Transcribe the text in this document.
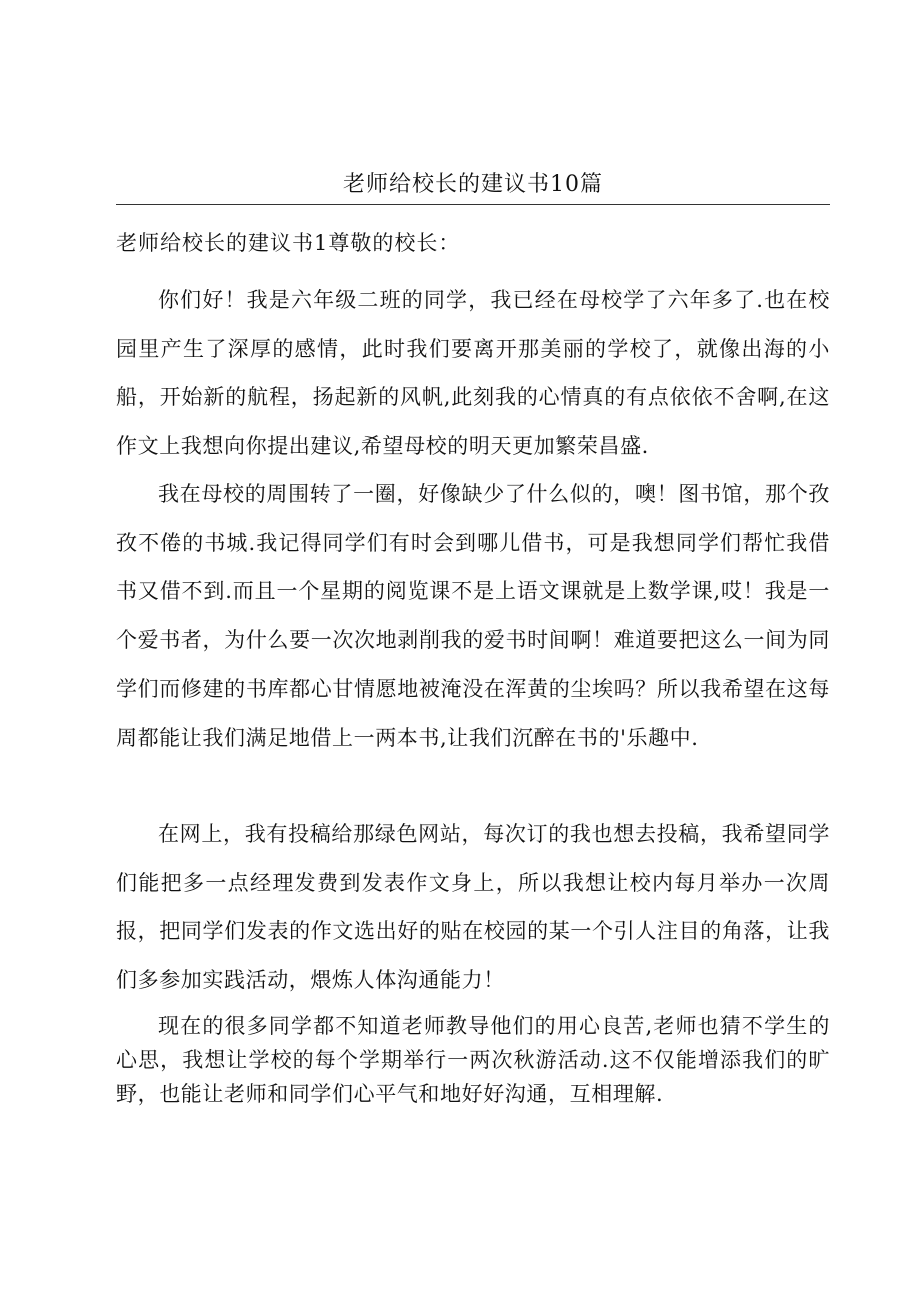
老师给校长的建议书10篇
老师给校长的建议书1尊敬的校长：

你们好！我是六年级二班的同学，我已经在母校学了六年多了.也在校园里产生了深厚的感情，此时我们要离开那美丽的学校了，就像出海的小船，开始新的航程，扬起新的风帆,此刻我的心情真的有点依依不舍啊,在这作文上我想向你提出建议,希望母校的明天更加繁荣昌盛.

我在母校的周围转了一圈，好像缺少了什么似的，噢！图书馆，那个孜孜不倦的书城.我记得同学们有时会到哪儿借书，可是我想同学们帮忙我借书又借不到.而且一个星期的阅览课不是上语文课就是上数学课,哎！我是一个爱书者，为什么要一次次地剥削我的爱书时间啊！难道要把这么一间为同学们而修建的书库都心甘情愿地被淹没在浑黄的尘埃吗？所以我希望在这每周都能让我们满足地借上一两本书,让我们沉醉在书的'乐趣中.

在网上，我有投稿给那绿色网站，每次订的我也想去投稿，我希望同学们能把多一点经理发费到发表作文身上，所以我想让校内每月举办一次周报，把同学们发表的作文选出好的贴在校园的某一个引人注目的角落，让我们多参加实践活动，煨炼人体沟通能力！

现在的很多同学都不知道老师教导他们的用心良苦,老师也猜不学生的心思，我想让学校的每个学期举行一两次秋游活动.这不仅能增添我们的旷野，也能让老师和同学们心平气和地好好沟通，互相理解.
